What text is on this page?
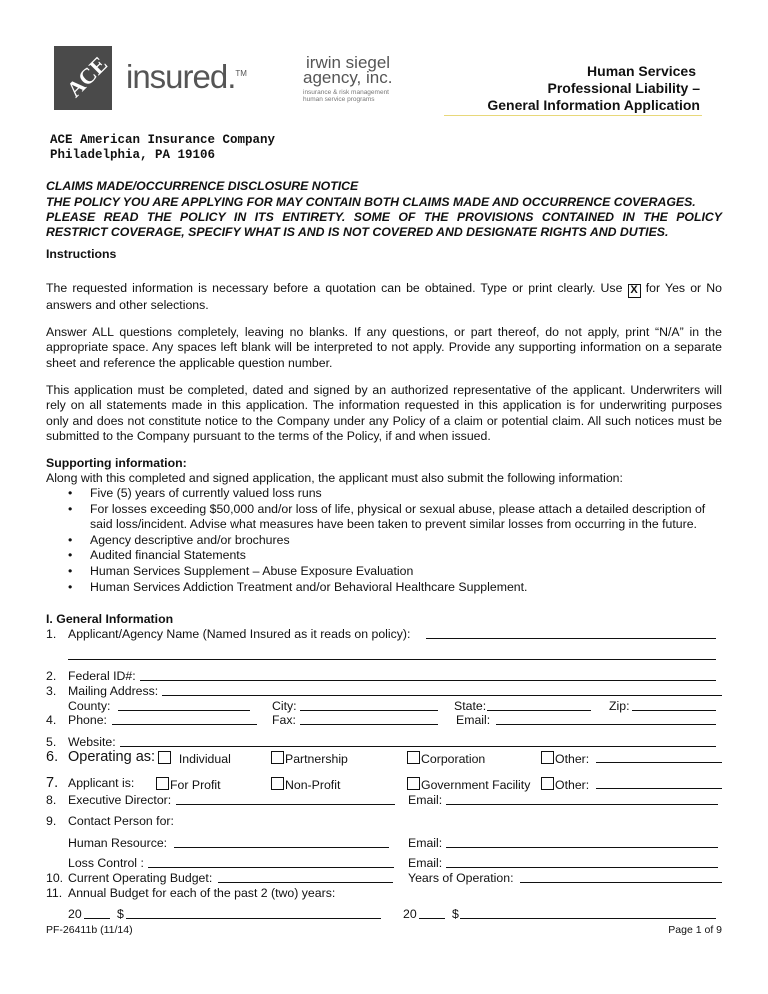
ACE insured.™
irwin siegel
agency, inc.
insurance & risk management
human service programs
Human Services
Professional Liability –
General Information Application
ACE American Insurance Company
Philadelphia, PA 19106
CLAIMS MADE/OCCURRENCE DISCLOSURE NOTICE
THE POLICY YOU ARE APPLYING FOR MAY CONTAIN BOTH CLAIMS MADE AND OCCURRENCE COVERAGES.
PLEASE READ THE POLICY IN ITS ENTIRETY. SOME OF THE PROVISIONS CONTAINED IN THE POLICY
RESTRICT COVERAGE, SPECIFY WHAT IS AND IS NOT COVERED AND DESIGNATE RIGHTS AND DUTIES.
Instructions
The requested information is necessary before a quotation can be obtained. Type or print clearly. Use X for Yes or No answers and other selections.
Answer ALL questions completely, leaving no blanks. If any questions, or part thereof, do not apply, print “N/A” in the appropriate space. Any spaces left blank will be interpreted to not apply. Provide any supporting information on a separate sheet and reference the applicable question number.
This application must be completed, dated and signed by an authorized representative of the applicant. Underwriters will rely on all statements made in this application. The information requested in this application is for underwriting purposes only and does not constitute notice to the Company under any Policy of a claim or potential claim. All such notices must be submitted to the Company pursuant to the terms of the Policy, if and when issued.
Supporting information:
Along with this completed and signed application, the applicant must also submit the following information:
• Five (5) years of currently valued loss runs
• For losses exceeding $50,000 and/or loss of life, physical or sexual abuse, please attach a detailed description of said loss/incident. Advise what measures have been taken to prevent similar losses from occurring in the future.
• Agency descriptive and/or brochures
• Audited financial Statements
• Human Services Supplement – Abuse Exposure Evaluation
• Human Services Addiction Treatment and/or Behavioral Healthcare Supplement.
I. General Information
1. Applicant/Agency Name (Named Insured as it reads on policy):
2. Federal ID#:
3. Mailing Address:
County:	City:	State:	Zip:
4. Phone:	Fax:	Email:
5. Website:
6. Operating as:	Individual	Partnership	Corporation	Other:
7. Applicant is:	For Profit	Non-Profit	Government Facility	Other:
8. Executive Director:	Email:
9. Contact Person for:
Human Resource:	Email:
Loss Control :	Email:
10. Current Operating Budget:	Years of Operation:
11. Annual Budget for each of the past 2 (two) years:
20	$	20	$
PF-26411b (11/14)	Page 1 of 9
